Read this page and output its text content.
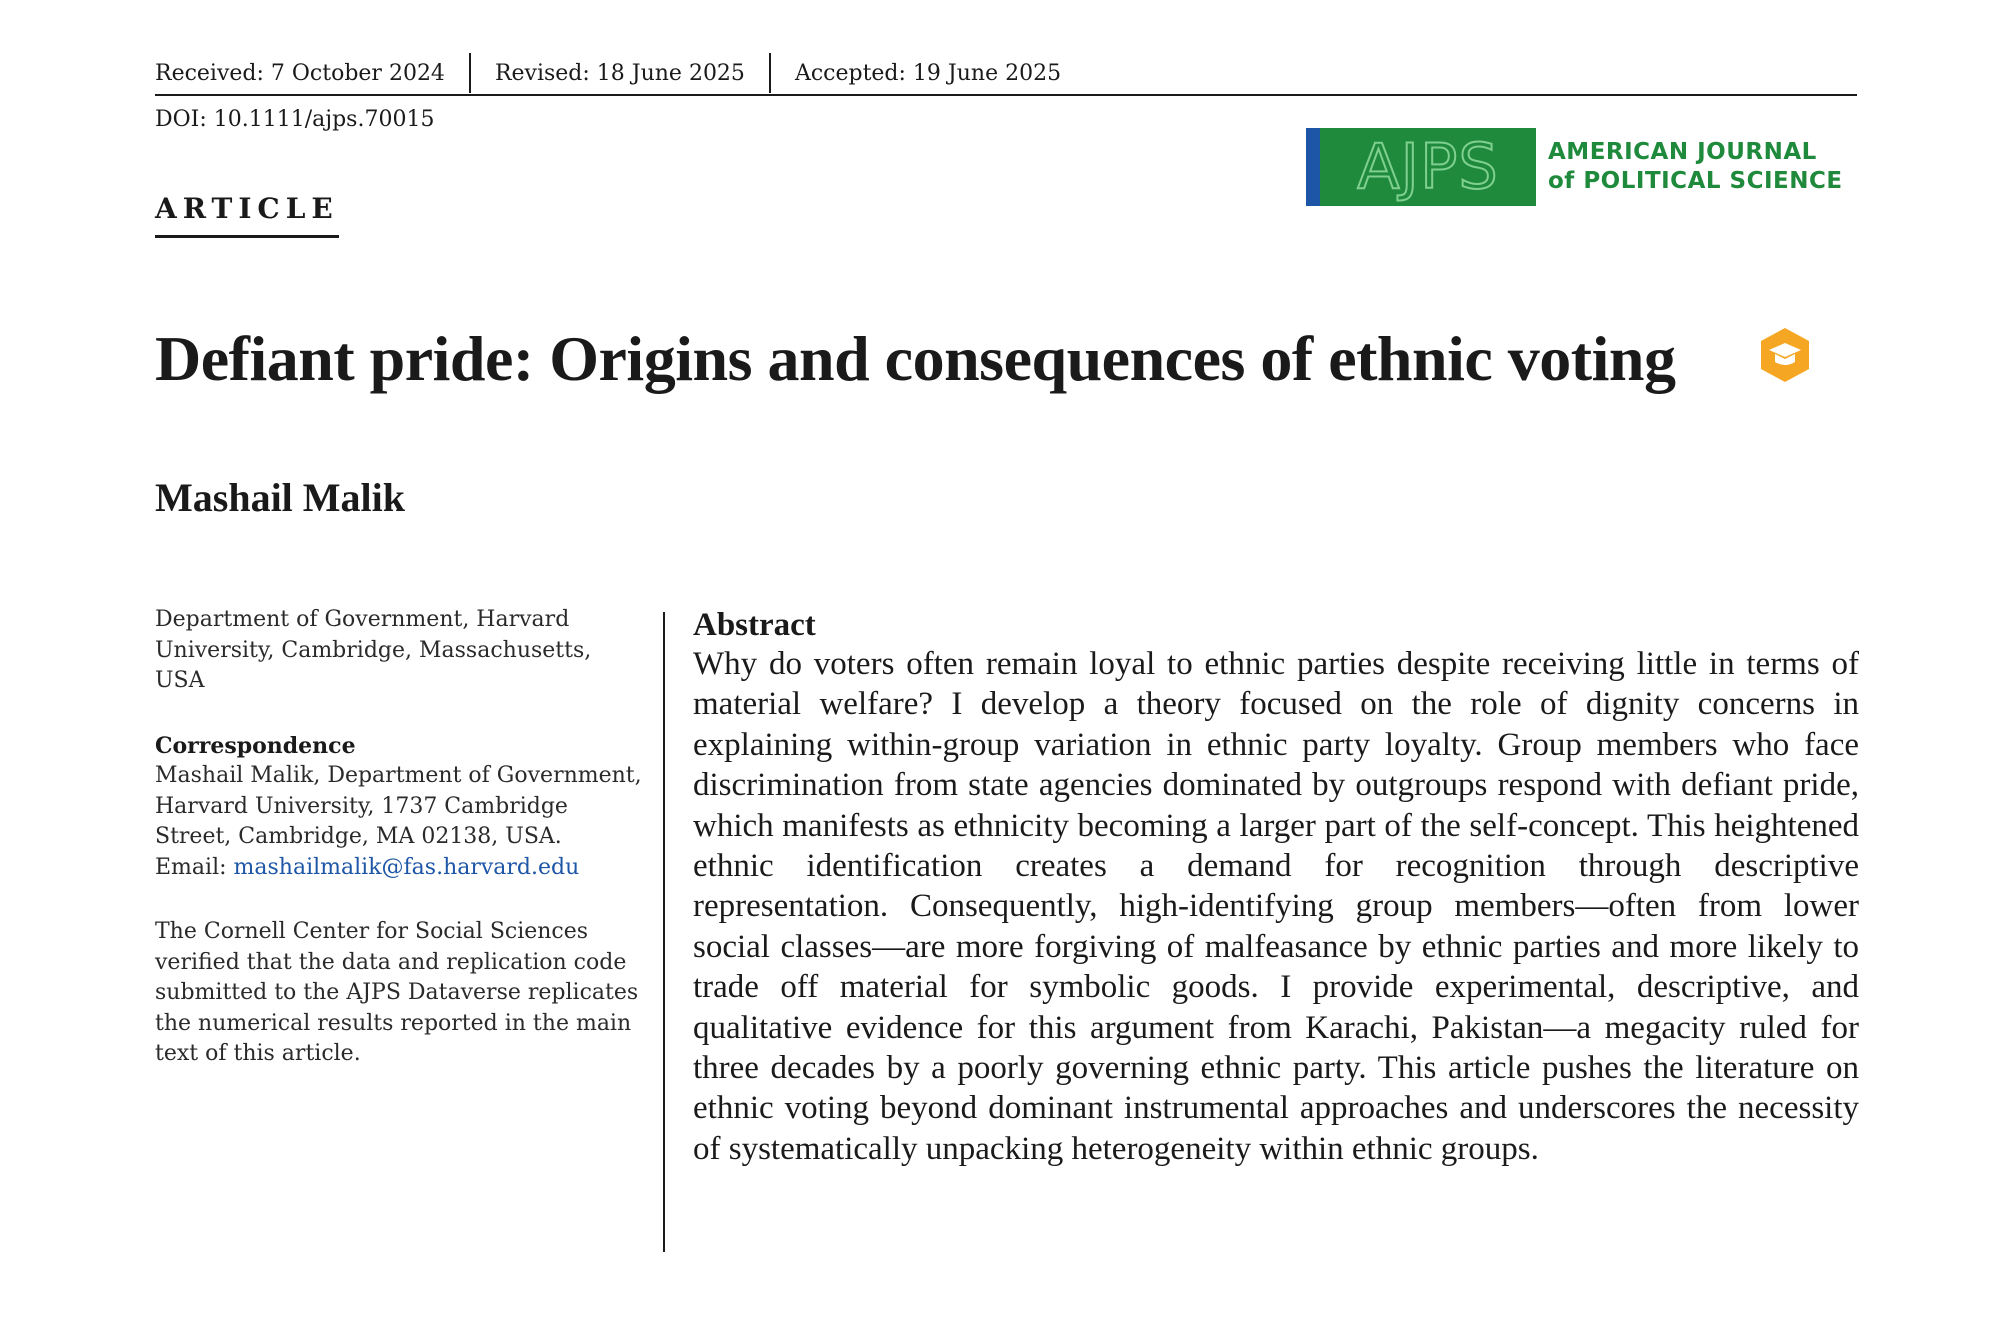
Received: 7 October 2024	Revised: 18 June 2025	Accepted: 19 June 2025
DOI: 10.1111/ajps.70015
ARTICLE
AJPS AMERICAN JOURNAL
of POLITICAL SCIENCE
Defiant pride: Origins and consequences of ethnic voting
Mashail Malik

Department of Government, Harvard University, Cambridge, Massachusetts, USA

Correspondence

Mashail Malik, Department of Government, Harvard University, 1737 Cambridge Street, Cambridge, MA 02138, USA.

Email: mashailmalik@fas.harvard.edu

The Cornell Center for Social Sciences verified that the data and replication code submitted to the AJPS Dataverse replicates the numerical results reported in the main text of this article.

Abstract

Why do voters often remain loyal to ethnic parties despite receiving little in terms of material welfare? I develop a theory focused on the role of dignity concerns in explaining within-group variation in ethnic party loyalty. Group members who face discrimination from state agencies dominated by outgroups respond with defiant pride, which manifests as ethnicity becoming a larger part of the self-concept. This heightened ethnic identification creates a demand for recognition through descriptive representation. Consequently, high-identifying group members—often from lower social classes—are more forgiving of malfeasance by ethnic parties and more likely to trade off material for symbolic goods. I provide experimental, descriptive, and qualitative evidence for this argument from Karachi, Pakistan—a megacity ruled for three decades by a poorly governing ethnic party. This article pushes the literature on ethnic voting beyond dominant instrumental approaches and underscores the necessity of systematically unpacking heterogeneity within ethnic groups.
